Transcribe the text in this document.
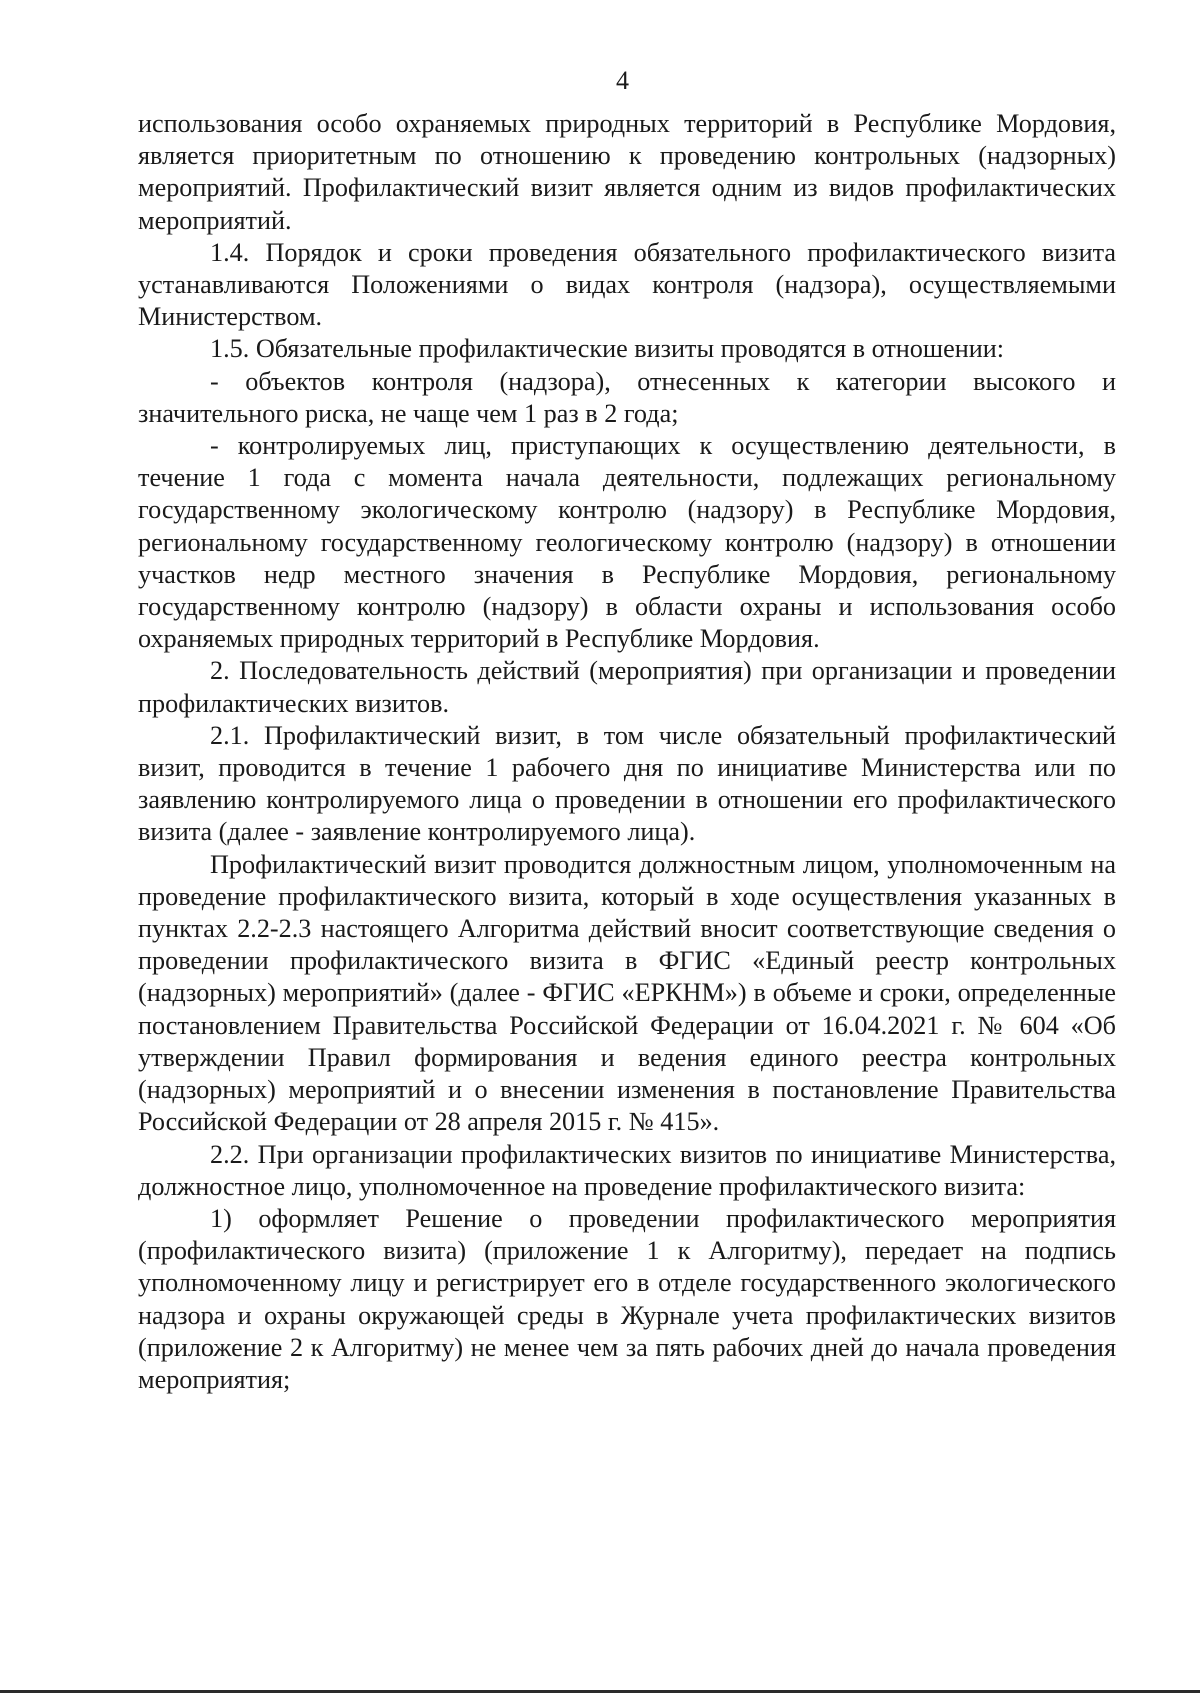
4

использования особо охраняемых природных территорий в Республике Мордовия, является приоритетным по отношению к проведению контрольных (надзорных) мероприятий. Профилактический визит является одним из видов профилактических мероприятий.

1.4. Порядок и сроки проведения обязательного профилактического визита устанавливаются Положениями о видах контроля (надзора), осуществляемыми Министерством.

1.5. Обязательные профилактические визиты проводятся в отношении:

- объектов контроля (надзора), отнесенных к категории высокого и значительного риска, не чаще чем 1 раз в 2 года;

- контролируемых лиц, приступающих к осуществлению деятельности, в течение 1 года с момента начала деятельности, подлежащих региональному государственному экологическому контролю (надзору) в Республике Мордовия, региональному государственному геологическому контролю (надзору) в отношении участков недр местного значения в Республике Мордовия, региональному государственному контролю (надзору) в области охраны и использования особо охраняемых природных территорий в Республике Мордовия.

2. Последовательность действий (мероприятия) при организации и проведении профилактических визитов.

2.1. Профилактический визит, в том числе обязательный профилактический визит, проводится в течение 1 рабочего дня по инициативе Министерства или по заявлению контролируемого лица о проведении в отношении его профилактического визита (далее - заявление контролируемого лица).

Профилактический визит проводится должностным лицом, уполномоченным на проведение профилактического визита, который в ходе осуществления указанных в пунктах 2.2-2.3 настоящего Алгоритма действий вносит соответствующие сведения о проведении профилактического визита в ФГИС «Единый реестр контрольных (надзорных) мероприятий» (далее - ФГИС «ЕРКНМ») в объеме и сроки, определенные постановлением Правительства Российской Федерации от 16.04.2021 г. № 604 «Об утверждении Правил формирования и ведения единого реестра контрольных (надзорных) мероприятий и о внесении изменения в постановление Правительства Российской Федерации от 28 апреля 2015 г. № 415».

2.2. При организации профилактических визитов по инициативе Министерства, должностное лицо, уполномоченное на проведение профилактического визита:

1) оформляет Решение о проведении профилактического мероприятия (профилактического визита) (приложение 1 к Алгоритму), передает на подпись уполномоченному лицу и регистрирует его в отделе государственного экологического надзора и охраны окружающей среды в Журнале учета профилактических визитов (приложение 2 к Алгоритму) не менее чем за пять рабочих дней до начала проведения мероприятия;
